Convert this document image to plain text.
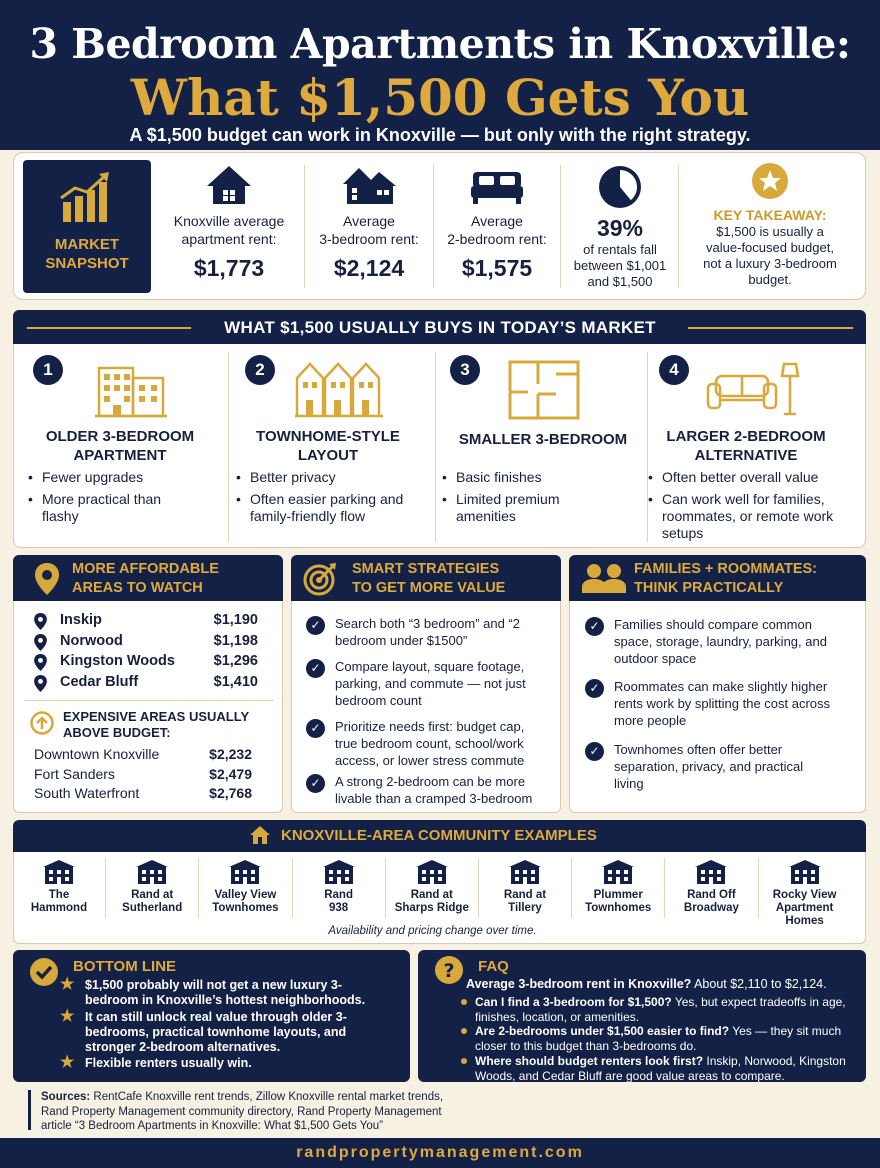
3 Bedroom Apartments in Knoxville:
What $1,500 Gets You
A $1,500 budget can work in Knoxville — but only with the right strategy.
MARKET
SNAPSHOT
Knoxville average
apartment rent:
$1,773
Average
3-bedroom rent:
$2,124
Average
2-bedroom rent:
$1,575
39%
of rentals fall
between $1,001
and $1,500
KEY TAKEAWAY:
$1,500 is usually a
value-focused budget,
not a luxury 3-bedroom
budget.
WHAT $1,500 USUALLY BUYS IN TODAY’S MARKET
1
OLDER 3-BEDROOM
APARTMENT
• Fewer upgrades
• More practical than flashy
2
TOWNHOME-STYLE
LAYOUT
• Better privacy
• Often easier parking and family-friendly flow
3
SMALLER 3-BEDROOM
• Basic finishes
• Limited premium amenities
4
LARGER 2-BEDROOM
ALTERNATIVE
• Often better overall value
• Can work well for families, roommates, or remote work setups
MORE AFFORDABLE
AREAS TO WATCH
EXPENSIVE AREAS USUALLY
ABOVE BUDGET:
SMART STRATEGIES
TO GET MORE VALUE
FAMILIES + ROOMMATES:
THINK PRACTICALLY
KNOXVILLE-AREA COMMUNITY EXAMPLES
Availability and pricing change over time.
BOTTOM LINE
★ $1,500 probably will not get a new luxury 3-bedroom in Knoxville’s hottest neighborhoods.
★ It can still unlock real value through older 3-bedrooms, practical townhome layouts, and stronger 2-bedroom alternatives.
★ Flexible renters usually win.
? FAQ
Average 3-bedroom rent in Knoxville? About $2,110 to $2,124.
Can I find a 3-bedroom for $1,500? Yes, but expect tradeoffs in age, finishes, location, or amenities.
Are 2-bedrooms under $1,500 easier to find? Yes — they sit much closer to this budget than 3-bedrooms do.
Where should budget renters look first? Inskip, Norwood, Kingston Woods, and Cedar Bluff are good value areas to compare.
Sources: RentCafe Knoxville rent trends, Zillow Knoxville rental market trends,
Rand Property Management community directory, Rand Property Management
article “3 Bedroom Apartments in Knoxville: What $1,500 Gets You”
randpropertymanagement.com
Inskip	$1,190
Norwood	$1,198
Kingston Woods	$1,296
Cedar Bluff	$1,410
Downtown Knoxville	$2,232
Fort Sanders	$2,479
South Waterfront	$2,768
✓	Search both “3 bedroom” and “2 bedroom under $1500”
✓	Compare layout, square footage, parking, and commute — not just bedroom count
✓	Prioritize needs first: budget cap, true bedroom count, school/work access, or lower stress commute
✓	A strong 2-bedroom can be more livable than a cramped 3-bedroom
✓	Families should compare common space, storage, laundry, parking, and outdoor space
✓	Roommates can make slightly higher rents work by splitting the cost across more people
✓	Townhomes often offer better separation, privacy, and practical living
The
Hammond
Rand at
Sutherland
Valley View
Townhomes
Rand
938
Rand at
Sharps Ridge
Rand at
Tillery
Plummer
Townhomes
Rand Off
Broadway
Rocky View
Apartment
Homes
